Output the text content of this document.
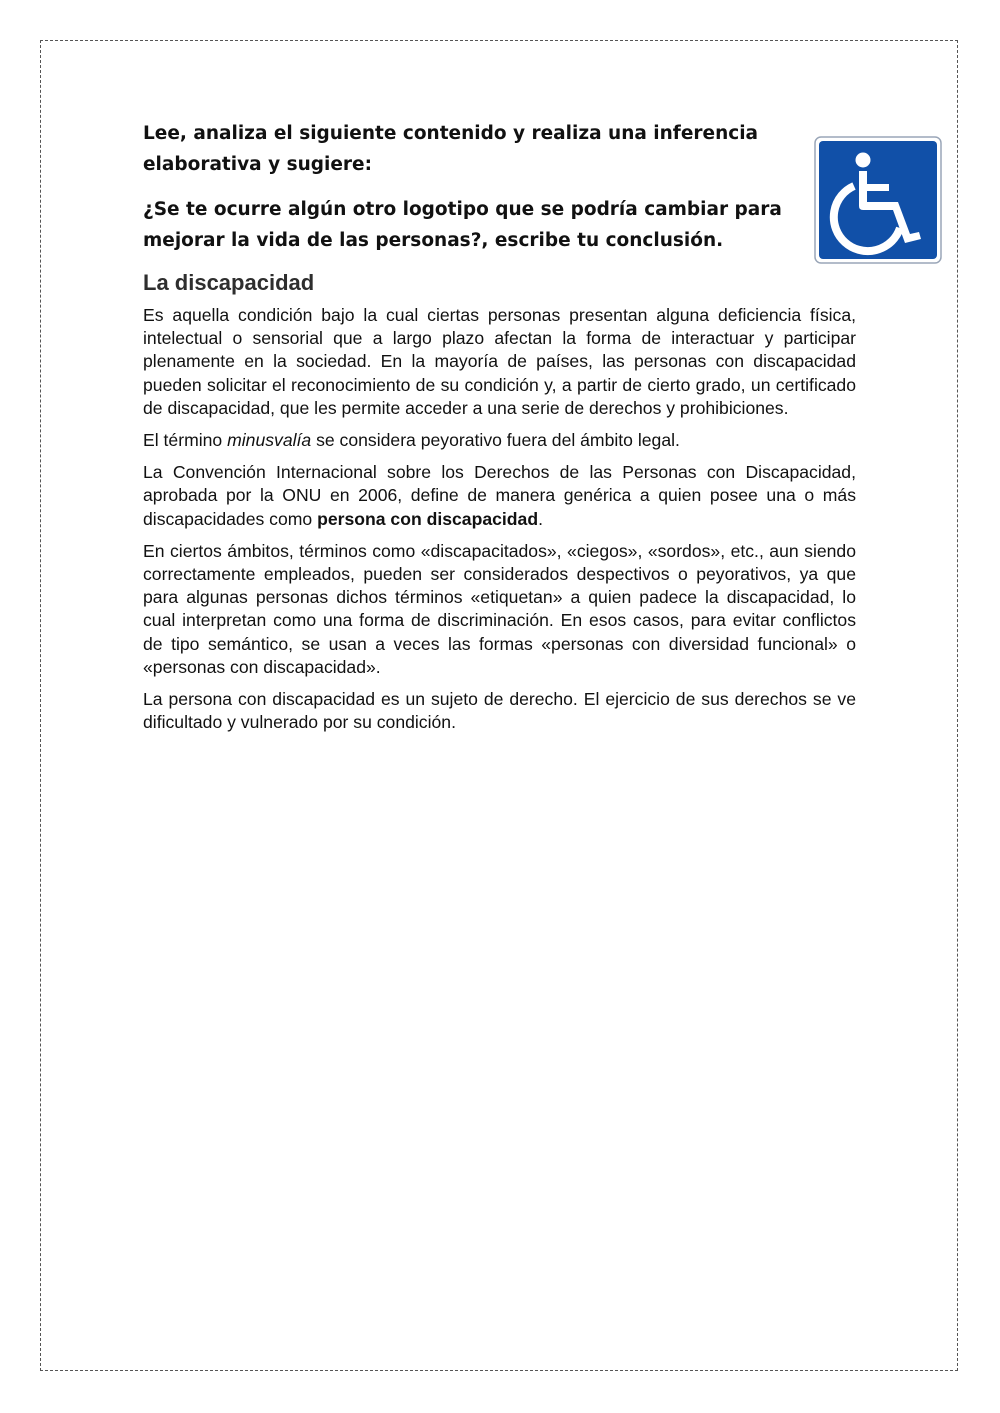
Lee, analiza el siguiente contenido y realiza una inferencia elaborativa y sugiere:

¿Se te ocurre algún otro logotipo que se podría cambiar para mejorar la vida de las personas?, escribe tu conclusión.

La discapacidad

Es aquella condición bajo la cual ciertas personas presentan alguna deficiencia física, intelectual o sensorial que a largo plazo afectan la forma de interactuar y participar plenamente en la sociedad. En la mayoría de países, las personas con discapacidad pueden solicitar el reconocimiento de su condición y, a partir de cierto grado, un certificado de discapacidad, que les permite acceder a una serie de derechos y prohibiciones.

El término minusvalía se considera peyorativo fuera del ámbito legal.

La Convención Internacional sobre los Derechos de las Personas con Discapacidad, aprobada por la ONU en 2006, define de manera genérica a quien posee una o más discapacidades como persona con discapacidad.

En ciertos ámbitos, términos como «discapacitados», «ciegos», «sordos», etc., aun siendo correctamente empleados, pueden ser considerados despectivos o peyorativos, ya que para algunas personas dichos términos «etiquetan» a quien padece la discapacidad, lo cual interpretan como una forma de discriminación. En esos casos, para evitar conflictos de tipo semántico, se usan a veces las formas «personas con diversidad funcional» o «personas con discapacidad».

La persona con discapacidad es un sujeto de derecho. El ejercicio de sus derechos se ve dificultado y vulnerado por su condición.
